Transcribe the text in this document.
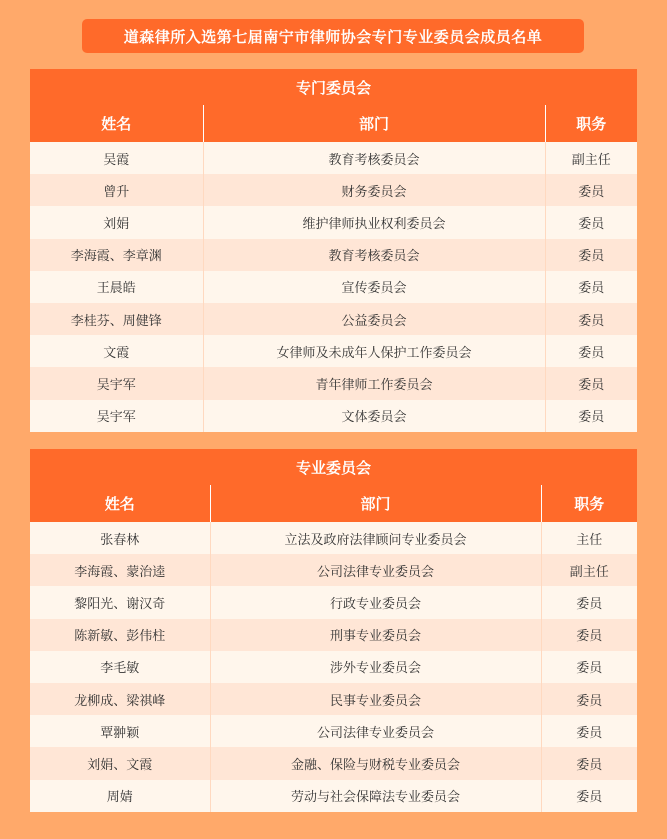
道森律所入选第七届南宁市律师协会专门专业委员会成员名单
专门委员会
姓名	部门	职务
吴霞	教育考核委员会	副主任
曾升	财务委员会	委员
刘娟	维护律师执业权利委员会	委员
李海霞、李章渊	教育考核委员会	委员
王晨皓	宣传委员会	委员
李桂芬、周健锋	公益委员会	委员
文霞	女律师及未成年人保护工作委员会	委员
吴宇军	青年律师工作委员会	委员
吴宇军	文体委员会	委员
专业委员会
姓名	部门	职务
张春林	立法及政府法律顾问专业委员会	主任
李海霞、蒙治逵	公司法律专业委员会	副主任
黎阳光、谢汉奇	行政专业委员会	委员
陈新敏、彭伟柱	刑事专业委员会	委员
李毛敏	涉外专业委员会	委员
龙柳成、梁祺峰	民事专业委员会	委员
覃翀颖	公司法律专业委员会	委员
刘娟、文霞	金融、保险与财税专业委员会	委员
周婧	劳动与社会保障法专业委员会	委员
